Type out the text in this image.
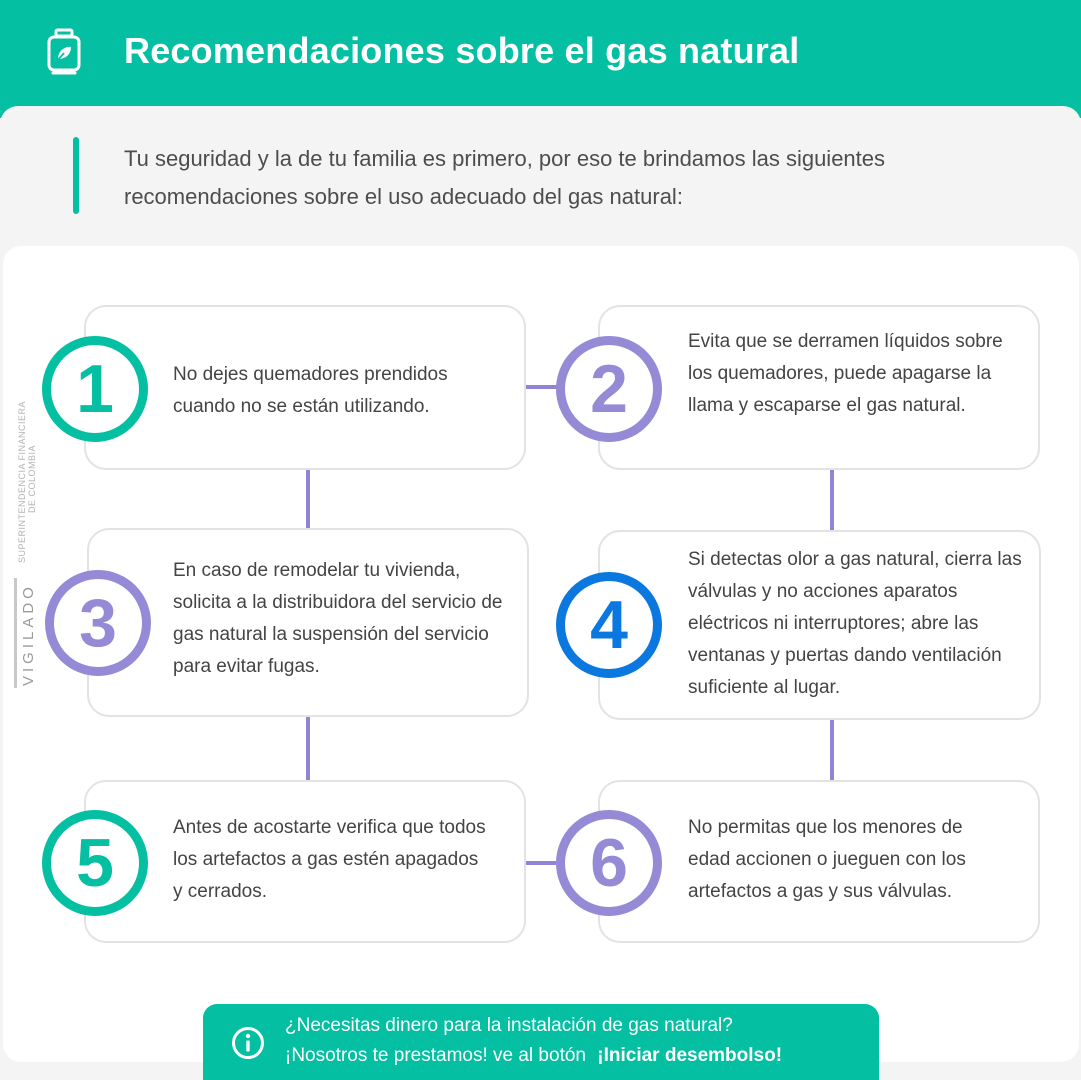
Recomendaciones sobre el gas natural
Tu seguridad y la de tu familia es primero, por eso te brindamos las siguientes recomendaciones sobre el uso adecuado del gas natural:
SUPERINTENDENCIA FINANCIERA DE COLOMBIA
VIGILADO
No dejes quemadores prendidos cuando no se están utilizando.
1
Evita que se derramen líquidos sobre los quemadores, puede apagarse la llama y escaparse el gas natural.
2
En caso de remodelar tu vivienda, solicita a la distribuidora del servicio de gas natural la suspensión del servicio para evitar fugas.
3
Si detectas olor a gas natural, cierra las válvulas y no acciones aparatos eléctricos ni interruptores; abre las ventanas y puertas dando ventilación suficiente al lugar.
4
Antes de acostarte verifica que todos los artefactos a gas estén apagados y cerrados.
5	No permitas que los menores de edad accionen o jueguen con los artefactos a gas y sus válvulas.
6
¿Necesitas dinero para la instalación de gas natural?
¡Nosotros te prestamos! ve al botón ¡Iniciar desembolso!
